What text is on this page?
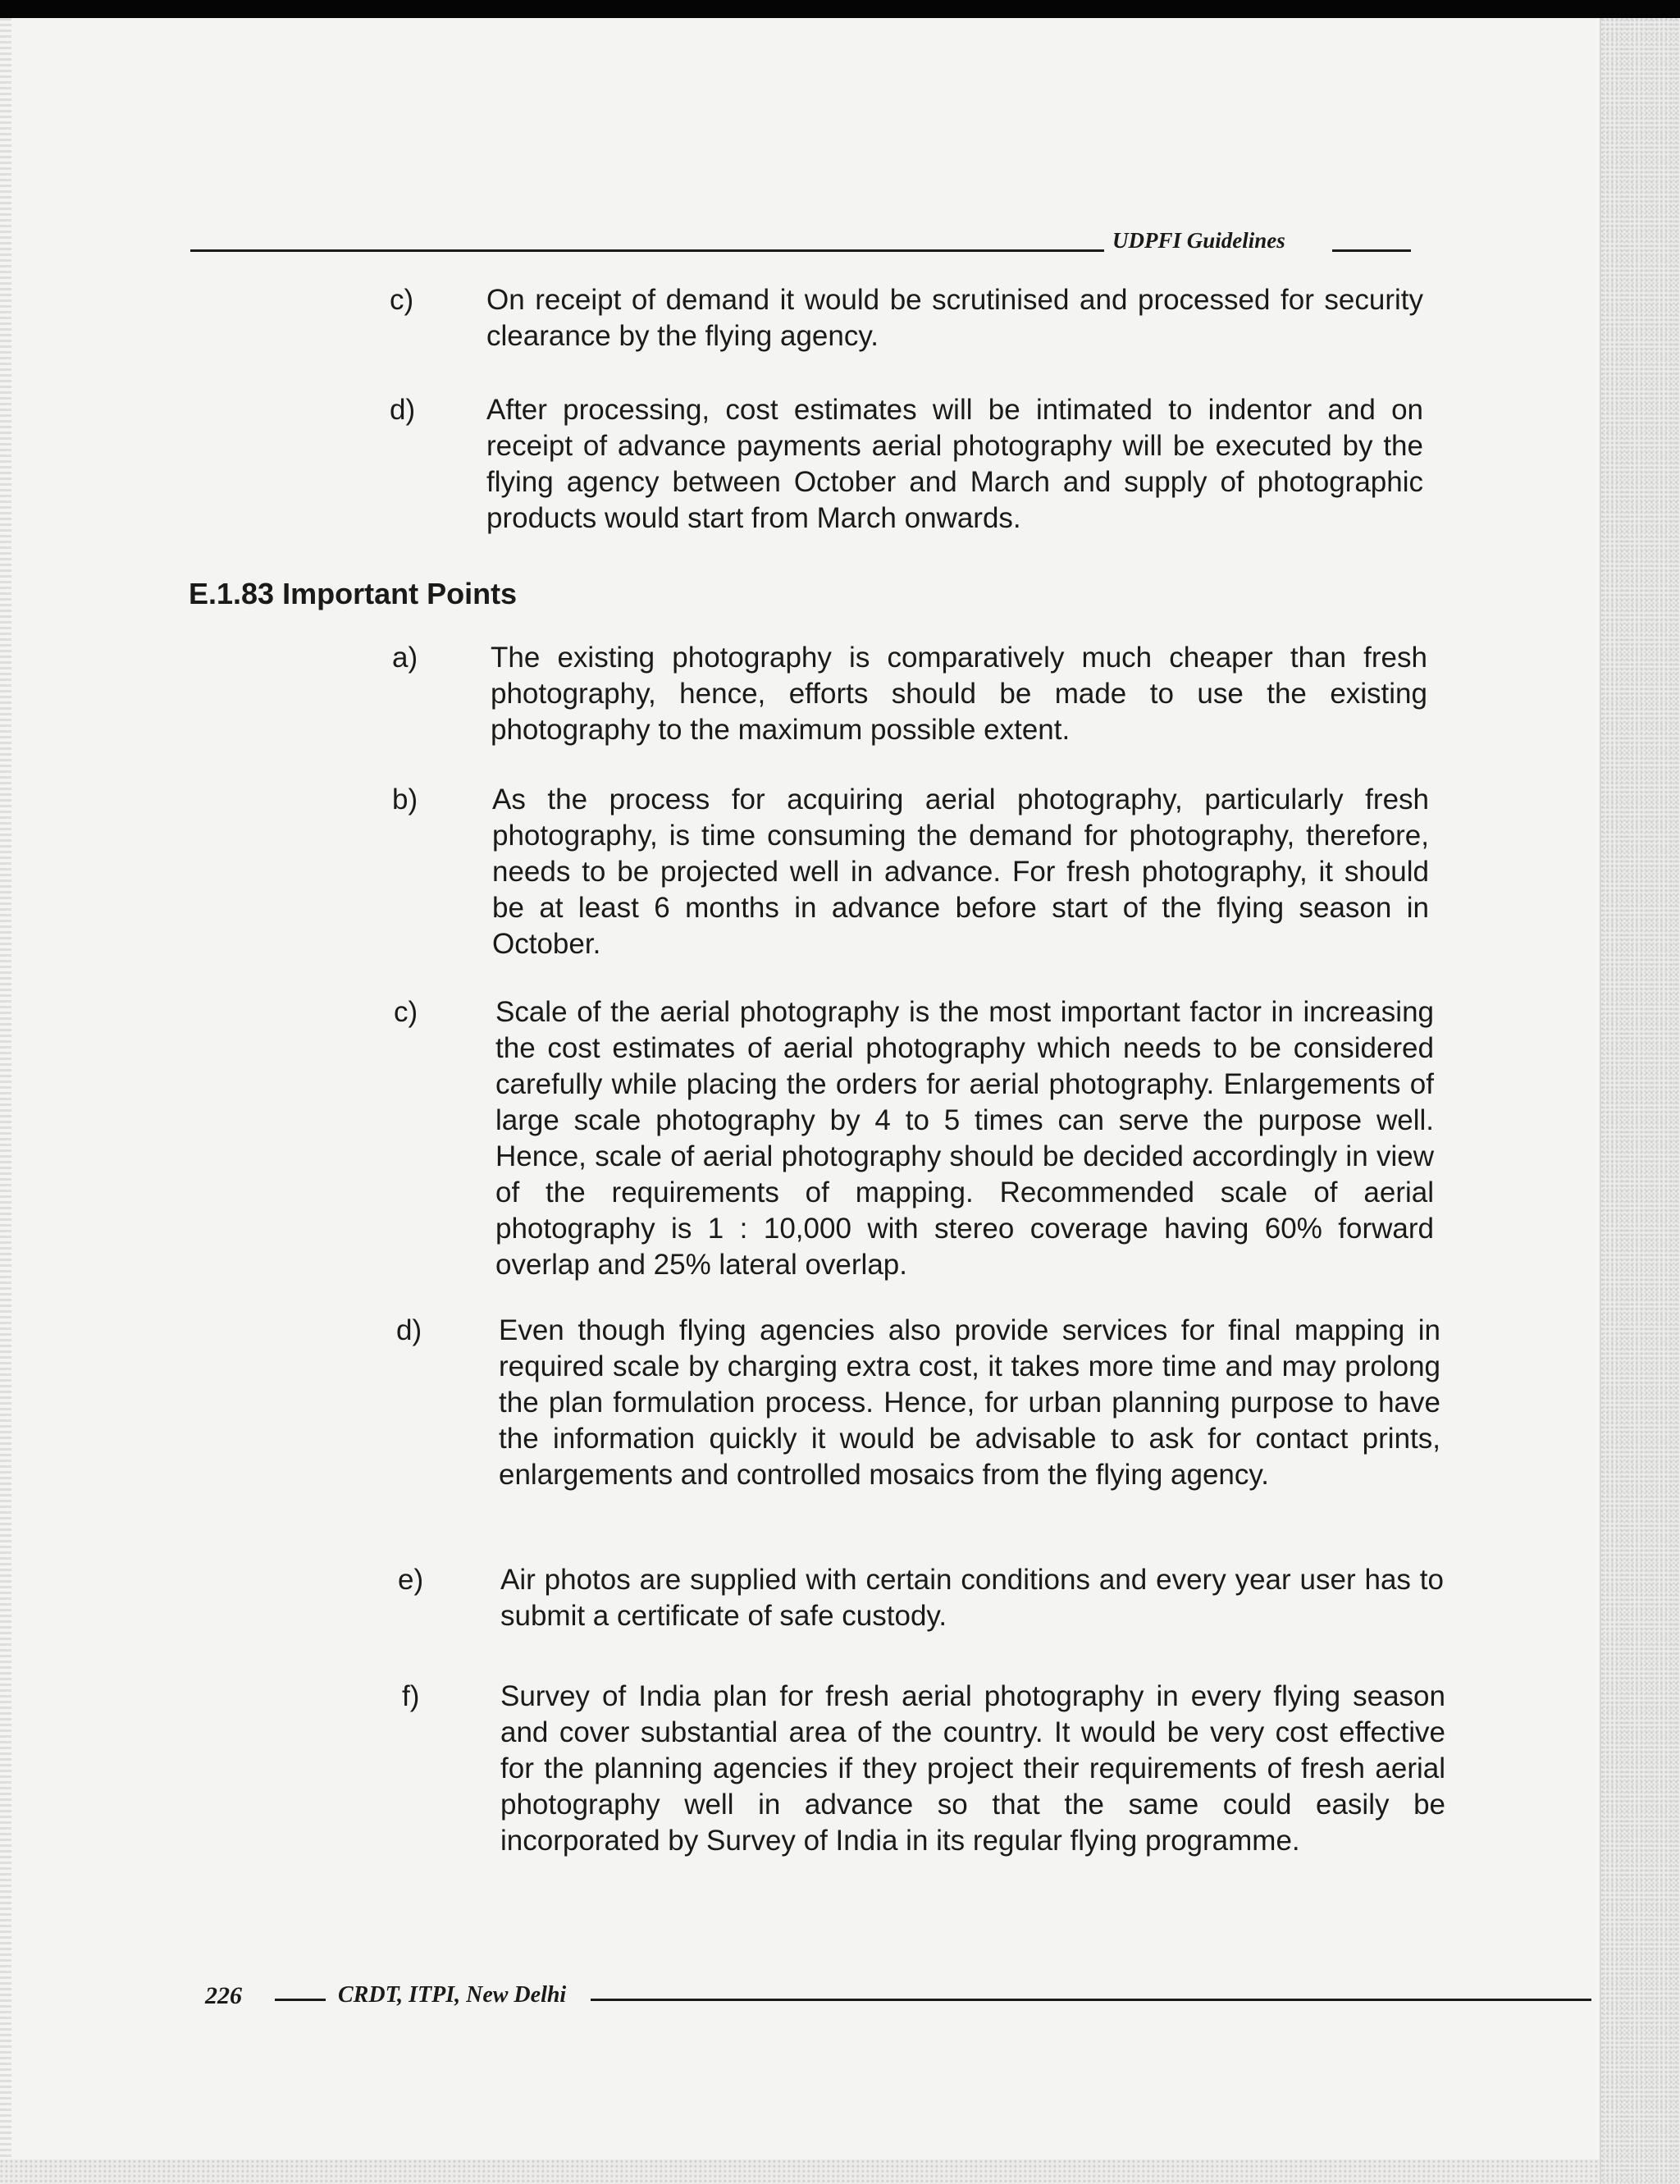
UDPFI Guidelines
c)	On receipt of demand it would be scrutinised and processed for security clearance by the flying agency.
d) After processing, cost estimates will be intimated to indentor and on receipt of advance payments aerial photography will be executed by the flying agency between October and March and supply of photographic products would start from March onwards.
E.1.83 Important Points
a)	The existing photography is comparatively much cheaper than fresh photography, hence, efforts should be made to use the existing photography to the maximum possible extent.
b)	As the process for acquiring aerial photography, particularly fresh photography, is time consuming the demand for photography, therefore, needs to be projected well in advance. For fresh photography, it should be at least 6 months in advance before start of the flying season in October.
c)	Scale of the aerial photography is the most important factor in increasing the cost estimates of aerial photography which needs to be considered carefully while placing the orders for aerial photography. Enlargements of large scale photography by 4 to 5 times can serve the purpose well. Hence, scale of aerial photography should be decided accordingly in view of the requirements of mapping. Recommended scale of aerial photography is 1 : 10,000 with stereo coverage having 60% forward overlap and 25% lateral overlap.
d)	Even though flying agencies also provide services for final mapping in required scale by charging extra cost, it takes more time and may prolong the plan formulation process. Hence, for urban planning purpose to have the information quickly it would be advisable to ask for contact prints, enlargements and controlled mosaics from the flying agency.
e)	Air photos are supplied with certain conditions and every year user has to submit a certificate of safe custody.
f)	Survey of India plan for fresh aerial photography in every flying season and cover substantial area of the country. It would be very cost effective for the planning agencies if they project their requirements of fresh aerial photography well in advance so that the same could easily be incorporated by Survey of India in its regular flying programme.
226	CRDT, ITPI, New Delhi
